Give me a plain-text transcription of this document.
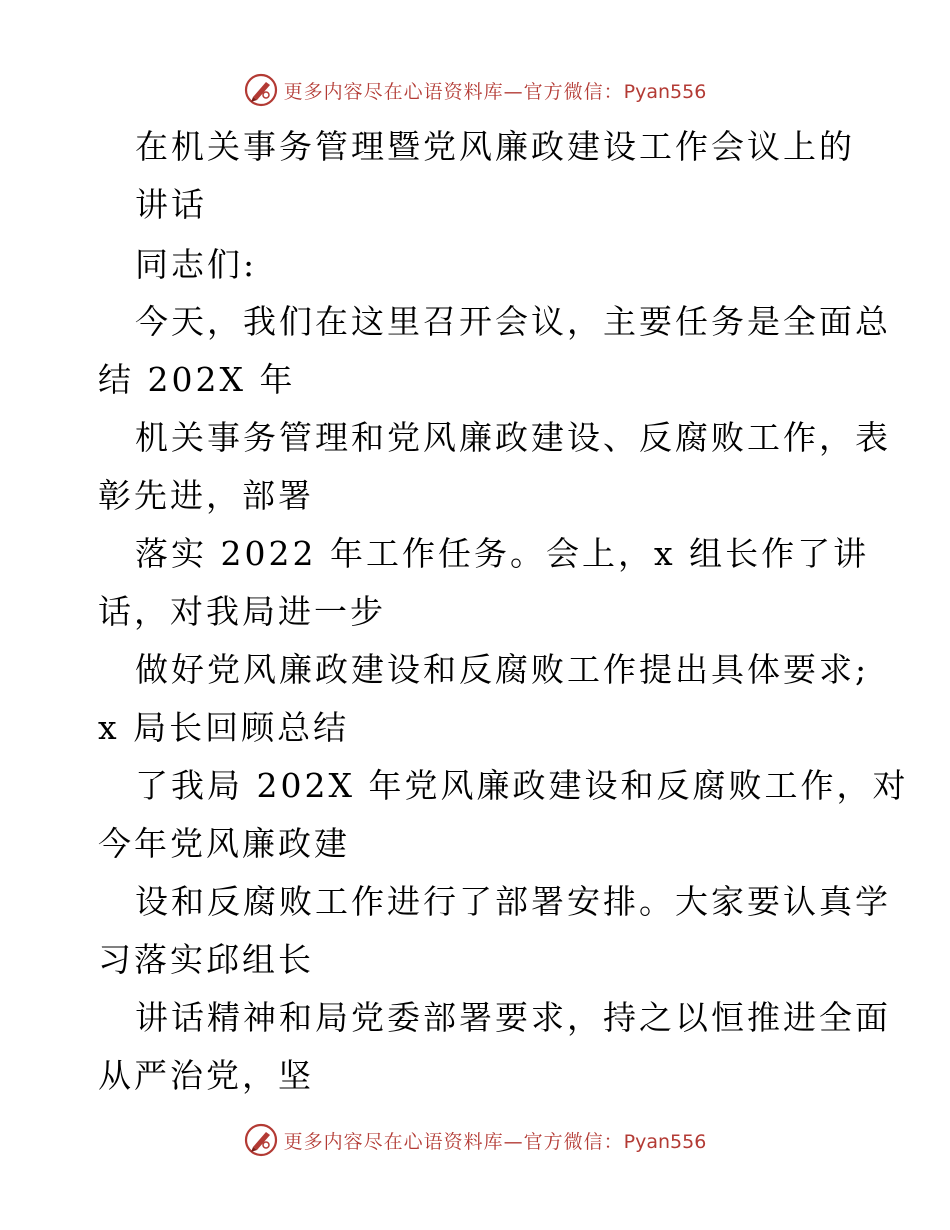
更多内容尽在心语资料库—官方微信：Pyan556
在机关事务管理暨党风廉政建设工作会议上的
讲话
同志们:
今天，我们在这里召开会议，主要任务是全面总
结 202X 年
机关事务管理和党风廉政建设、反腐败工作，表
彰先进，部署
落实 2022 年工作任务。会上，x 组长作了讲
话，对我局进一步
做好党风廉政建设和反腐败工作提出具体要求;
x 局长回顾总结
了我局 202X 年党风廉政建设和反腐败工作，对
今年党风廉政建
设和反腐败工作进行了部署安排。大家要认真学
习落实邱组长
讲话精神和局党委部署要求，持之以恒推进全面
从严治党，坚
更多内容尽在心语资料库—官方微信：Pyan556
